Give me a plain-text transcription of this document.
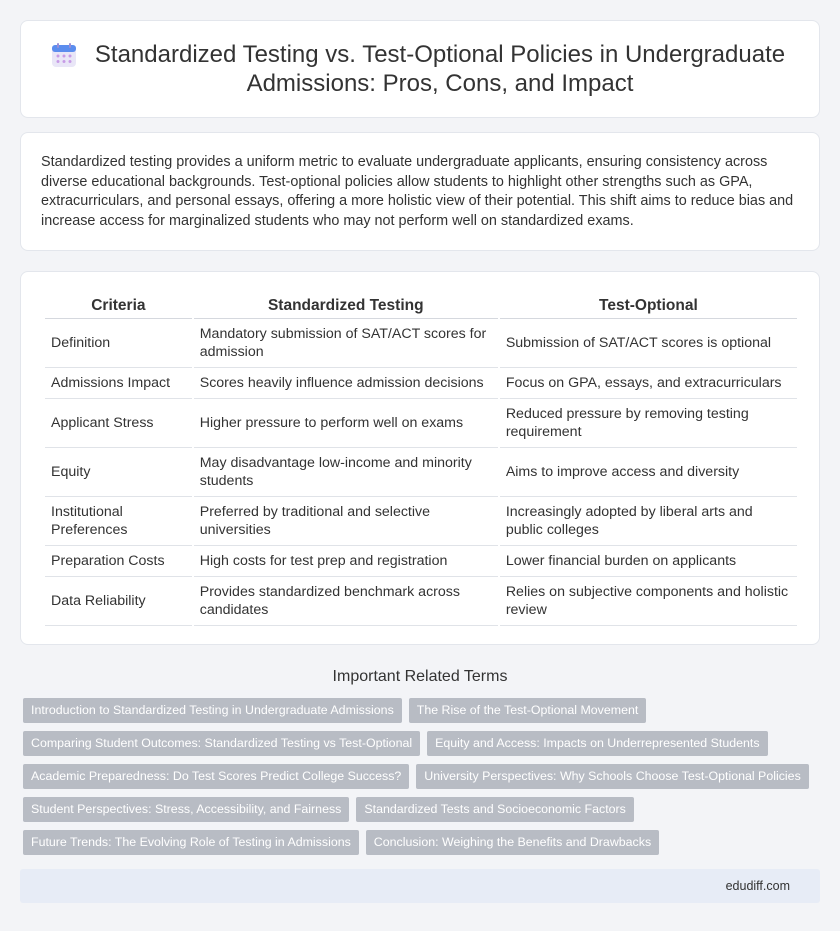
Standardized Testing vs. Test-Optional Policies in Undergraduate Admissions: Pros, Cons, and Impact

Standardized testing provides a uniform metric to evaluate undergraduate applicants, ensuring consistency across diverse educational backgrounds. Test-optional policies allow students to highlight other strengths such as GPA, extracurriculars, and personal essays, offering a more holistic view of their potential. This shift aims to reduce bias and increase access for marginalized students who may not perform well on standardized exams.

Criteria	Standardized Testing	Test-Optional
Definition	Mandatory submission of SAT/ACT scores for admission	Submission of SAT/ACT scores is optional
Admissions Impact	Scores heavily influence admission decisions	Focus on GPA, essays, and extracurriculars
Applicant Stress	Higher pressure to perform well on exams	Reduced pressure by removing testing requirement
Equity	May disadvantage low-income and minority students	Aims to improve access and diversity
Institutional Preferences	Preferred by traditional and selective universities	Increasingly adopted by liberal arts and public colleges
Preparation Costs	High costs for test prep and registration	Lower financial burden on applicants
Data Reliability	Provides standardized benchmark across candidates	Relies on subjective components and holistic review
Important Related Terms
Introduction to Standardized Testing in Undergraduate Admissions	The Rise of the Test-Optional Movement
Comparing Student Outcomes: Standardized Testing vs Test-Optional	Equity and Access: Impacts on Underrepresented Students
Academic Preparedness: Do Test Scores Predict College Success?	University Perspectives: Why Schools Choose Test-Optional Policies
Student Perspectives: Stress, Accessibility, and Fairness	Standardized Tests and Socioeconomic Factors
Future Trends: The Evolving Role of Testing in Admissions	Conclusion: Weighing the Benefits and Drawbacks
edudiff.com
